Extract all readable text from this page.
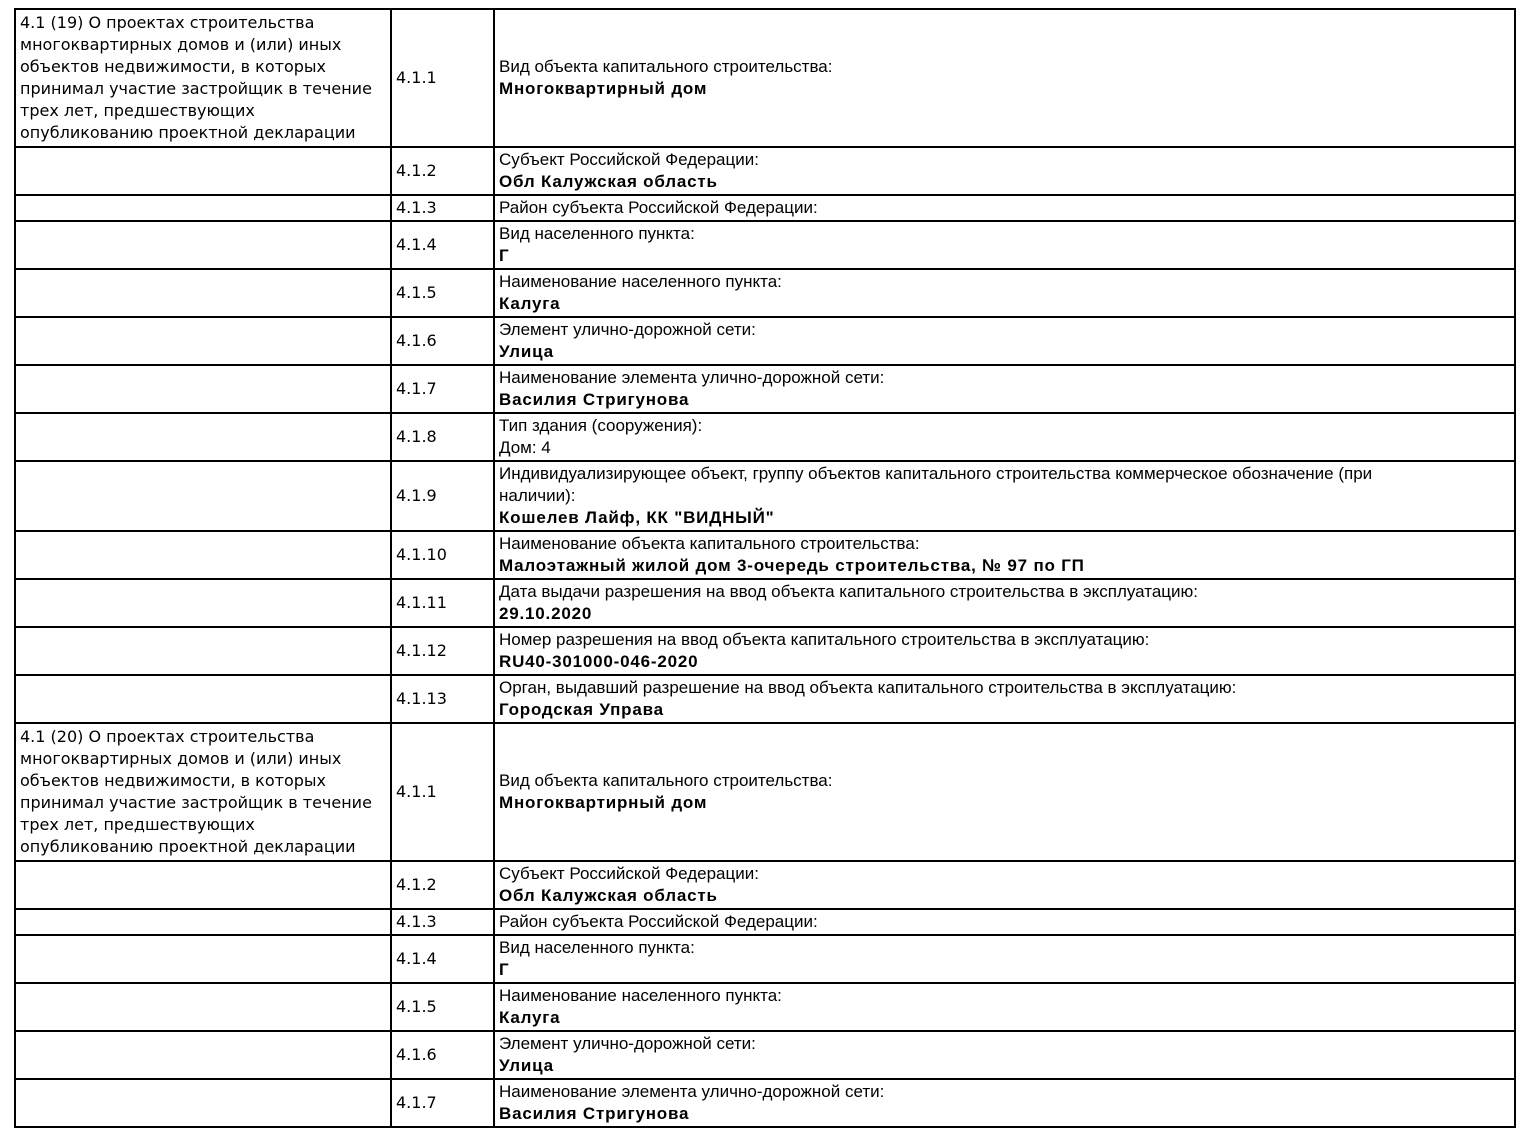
4.1 (19) О проектах строительства многоквартирных домов и (или) иных объектов недвижимости, в которых принимал участие застройщик в течение трех лет, предшествующих опубликованию проектной декларации	4.1.1	Вид объекта капитального строительства:
Многоквартирный дом

	4.1.2	Субъект Российской Федерации:
Обл Калужская область

	4.1.3	Район субъекта Российской Федерации:

	4.1.4	Вид населенного пункта:
Г

	4.1.5	Наименование населенного пункта:
Калуга

	4.1.6	Элемент улично-дорожной сети:
Улица

	4.1.7	Наименование элемента улично-дорожной сети:
Василия Стригунова

	4.1.8	Тип здания (сооружения):
Дом: 4

	4.1.9	Индивидуализирующее объект, группу объектов капитального строительства коммерческое обозначение (при наличии):
Кошелев Лайф, КК "ВИДНЫЙ"

	4.1.10	Наименование объекта капитального строительства:
Малоэтажный жилой дом 3-очередь строительства, № 97 по ГП

	4.1.11	Дата выдачи разрешения на ввод объекта капитального строительства в эксплуатацию:
29.10.2020

	4.1.12	Номер разрешения на ввод объекта капитального строительства в эксплуатацию:
RU40-301000-046-2020

	4.1.13	Орган, выдавший разрешение на ввод объекта капитального строительства в эксплуатацию:
Городская Управа

4.1 (20) О проектах строительства многоквартирных домов и (или) иных объектов недвижимости, в которых принимал участие застройщик в течение трех лет, предшествующих опубликованию проектной декларации	4.1.1	Вид объекта капитального строительства:
Многоквартирный дом

	4.1.2	Субъект Российской Федерации:
Обл Калужская область

	4.1.3	Район субъекта Российской Федерации:

	4.1.4	Вид населенного пункта:
Г

	4.1.5	Наименование населенного пункта:
Калуга

	4.1.6	Элемент улично-дорожной сети:
Улица

	4.1.7	Наименование элемента улично-дорожной сети:
Василия Стригунова
